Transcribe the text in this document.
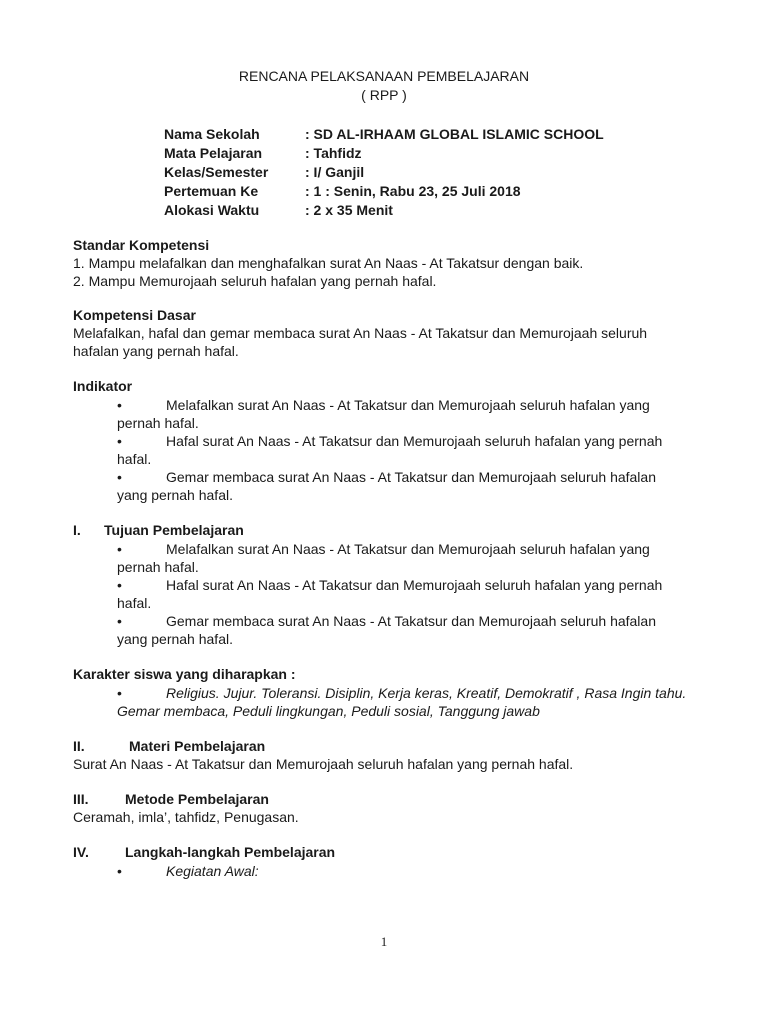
RENCANA PELAKSANAAN PEMBELAJARAN
( RPP )
Nama Sekolah	: SD AL-IRHAAM GLOBAL ISLAMIC SCHOOL
Mata Pelajaran	: Tahfidz
Kelas/Semester	: I/ Ganjil
Pertemuan Ke	: 1 : Senin, Rabu 23, 25 Juli 2018
Alokasi Waktu	: 2 x 35 Menit
Standar Kompetensi
1. Mampu melafalkan dan menghafalkan surat An Naas - At Takatsur dengan baik.
2. Mampu Memurojaah seluruh hafalan yang pernah hafal.
Kompetensi Dasar
Melafalkan, hafal dan gemar membaca surat An Naas - At Takatsur dan Memurojaah seluruh
hafalan yang pernah hafal.
Indikator
•	Melafalkan surat An Naas - At Takatsur dan Memurojaah seluruh hafalan yang pernah hafal.
•	Hafal surat An Naas - At Takatsur dan Memurojaah seluruh hafalan yang pernah hafal.
•	Gemar membaca surat An Naas - At Takatsur dan Memurojaah seluruh hafalan yang pernah hafal.
I. Tujuan Pembelajaran
•	Melafalkan surat An Naas - At Takatsur dan Memurojaah seluruh hafalan yang pernah hafal.
•	Hafal surat An Naas - At Takatsur dan Memurojaah seluruh hafalan yang pernah hafal.
•	Gemar membaca surat An Naas - At Takatsur dan Memurojaah seluruh hafalan yang pernah hafal.
Karakter siswa yang diharapkan :
•	Religius. Jujur. Toleransi. Disiplin, Kerja keras, Kreatif, Demokratif , Rasa Ingin tahu. Gemar membaca, Peduli lingkungan, Peduli sosial, Tanggung jawab
II.	Materi Pembelajaran
Surat An Naas - At Takatsur dan Memurojaah seluruh hafalan yang pernah hafal.
III.	Metode Pembelajaran
Ceramah, imla’, tahfidz, Penugasan.
IV.	Langkah-langkah Pembelajaran
•	Kegiatan Awal:
1
